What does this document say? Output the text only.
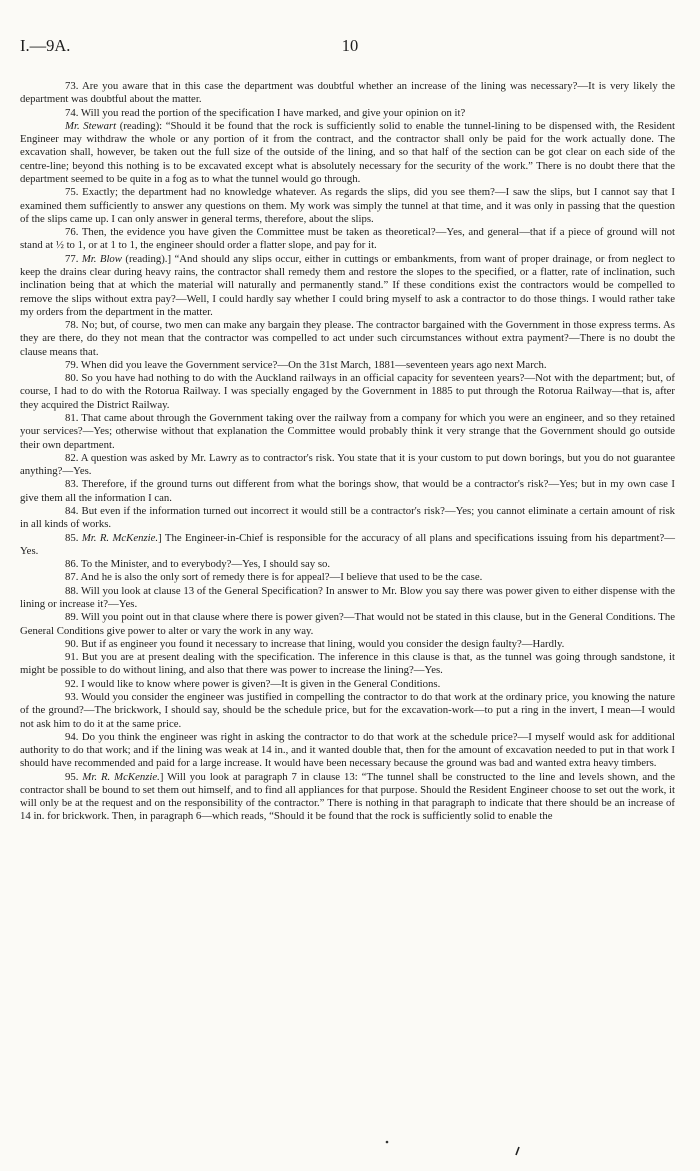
I.—9A.	10

73. Are you aware that in this case the department was doubtful whether an increase of the lining was necessary?—It is very likely the department was doubtful about the matter.

74. Will you read the portion of the specification I have marked, and give your opinion on it?

Mr. Stewart (reading): “Should it be found that the rock is sufficiently solid to enable the tunnel-lining to be dispensed with, the Resident Engineer may withdraw the whole or any portion of it from the contract, and the contractor shall only be paid for the work actually done. The excavation shall, however, be taken out the full size of the outside of the lining, and so that half of the section can be got clear on each side of the centre-line; beyond this nothing is to be excavated except what is absolutely necessary for the security of the work.” There is no doubt there that the department seemed to be quite in a fog as to what the tunnel would go through.

75. Exactly; the department had no knowledge whatever. As regards the slips, did you see them?—I saw the slips, but I cannot say that I examined them sufficiently to answer any questions on them. My work was simply the tunnel at that time, and it was only in passing that the question of the slips came up. I can only answer in general terms, therefore, about the slips.

76. Then, the evidence you have given the Committee must be taken as theoretical?—Yes, and general—that if a piece of ground will not stand at ½ to 1, or at 1 to 1, the engineer should order a flatter slope, and pay for it.

77. Mr. Blow (reading).] “And should any slips occur, either in cuttings or embankments, from want of proper drainage, or from neglect to keep the drains clear during heavy rains, the contractor shall remedy them and restore the slopes to the specified, or a flatter, rate of inclination, such inclination being that at which the material will naturally and permanently stand.” If these conditions exist the contractors would be compelled to remove the slips without extra pay?—Well, I could hardly say whether I could bring myself to ask a contractor to do those things. I would rather take my orders from the department in the matter.

78. No; but, of course, two men can make any bargain they please. The contractor bargained with the Government in those express terms. As they are there, do they not mean that the contractor was compelled to act under such circumstances without extra payment?—There is no doubt the clause means that.

79. When did you leave the Government service?—On the 31st March, 1881—seventeen years ago next March.

80. So you have had nothing to do with the Auckland railways in an official capacity for seventeen years?—Not with the department; but, of course, I had to do with the Rotorua Railway. I was specially engaged by the Government in 1885 to put through the Rotorua Railway—that is, after they acquired the District Railway.

81. That came about through the Government taking over the railway from a company for which you were an engineer, and so they retained your services?—Yes; otherwise without that explanation the Committee would probably think it very strange that the Government should go outside their own department.

82. A question was asked by Mr. Lawry as to contractor's risk. You state that it is your custom to put down borings, but you do not guarantee anything?—Yes.

83. Therefore, if the ground turns out different from what the borings show, that would be a contractor's risk?—Yes; but in my own case I give them all the information I can.

84. But even if the information turned out incorrect it would still be a contractor's risk?—Yes; you cannot eliminate a certain amount of risk in all kinds of works.

85. Mr. R. McKenzie.] The Engineer-in-Chief is responsible for the accuracy of all plans and specifications issuing from his department?—Yes.

86. To the Minister, and to everybody?—Yes, I should say so.

87. And he is also the only sort of remedy there is for appeal?—I believe that used to be the case.

88. Will you look at clause 13 of the General Specification? In answer to Mr. Blow you say there was power given to either dispense with the lining or increase it?—Yes.

89. Will you point out in that clause where there is power given?—That would not be stated in this clause, but in the General Conditions. The General Conditions give power to alter or vary the work in any way.

90. But if as engineer you found it necessary to increase that lining, would you consider the design faulty?—Hardly.

91. But you are at present dealing with the specification. The inference in this clause is that, as the tunnel was going through sandstone, it might be possible to do without lining, and also that there was power to increase the lining?—Yes.

92. I would like to know where power is given?—It is given in the General Conditions.

93. Would you consider the engineer was justified in compelling the contractor to do that work at the ordinary price, you knowing the nature of the ground?—The brickwork, I should say, should be the schedule price, but for the excavation-work—to put a ring in the invert, I mean—I would not ask him to do it at the same price.

94. Do you think the engineer was right in asking the contractor to do that work at the schedule price?—I myself would ask for additional authority to do that work; and if the lining was weak at 14 in., and it wanted double that, then for the amount of excavation needed to put in that work I should have recommended and paid for a large increase. It would have been necessary because the ground was bad and wanted extra heavy timbers.

95. Mr. R. McKenzie.] Will you look at paragraph 7 in clause 13: “The tunnel shall be constructed to the line and levels shown, and the contractor shall be bound to set them out himself, and to find all appliances for that purpose. Should the Resident Engineer choose to set out the work, it will only be at the request and on the responsibility of the contractor.” There is nothing in that paragraph to indicate that there should be an increase of 14 in. for brickwork. Then, in paragraph 6—which reads, “Should it be found that the rock is sufficiently solid to enable the
